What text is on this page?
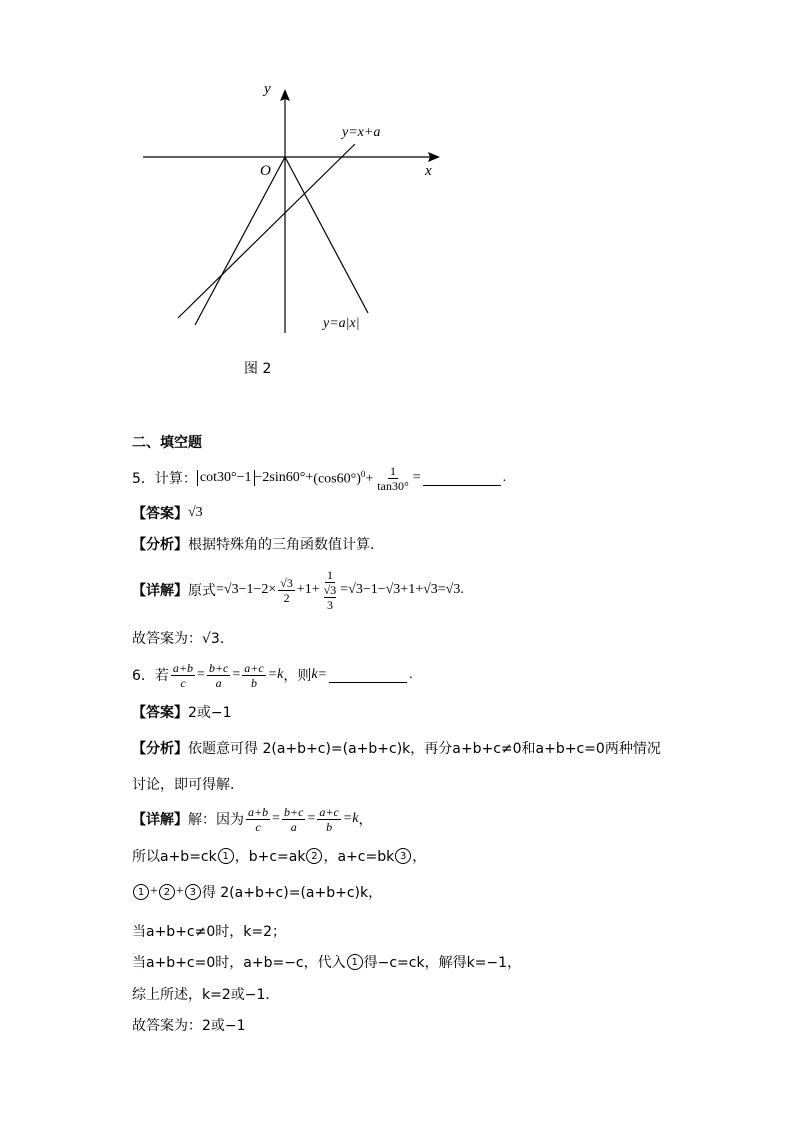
y
x
O
y=x+a
y=a|x|
图 2
二、填空题
5．计算： $\cot 30^\circ-1 -2\sin 60^\circ+ (\cos 60^\circ)^0+ \frac{1}{\tan 30^\circ}$ =	.
【答案】 √3
【分析】 根据特殊角的三角函数值计算．
【详解】 原式 $=√3-1-2\times \frac{√3}{2} +1+ 1$
√3
3 =√3−1−√3+1+√3=√3 .
故答案为：√3．
6．若 $\frac{a+b}{c} = \frac{b+c}{a} = \frac{a+c}{b} =k$ ，则 k=	.
【答案】 2或−1
【分析】 依题意可得 2(a+b+c)=(a+b+c)k，再分a+b+c≠0和a+b+c=0两种情况
讨论，即可得解．
【详解】 解：因为 $\frac{a+b}{c} = \frac{b+c}{a} = \frac{a+c}{b} =k$ ，
所以a+b=ck 1 ，b+c=ak 2 ，a+c=bk 3 ，
1 + 2 + 3 得 2(a+b+c)=(a+b+c)k，
当a+b+c≠0时，k=2；
当a+b+c=0时，a+b=−c，代入 1 得−c=ck，解得k=−1，
综上所述，k=2或−1．
故答案为：2或−1
